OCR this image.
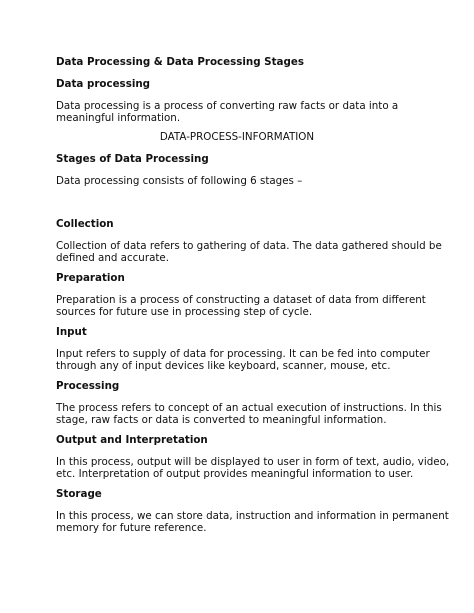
Data Processing & Data Processing Stages

Data processing

Data processing is a process of converting raw facts or data into a

meaningful information.

DATA-PROCESS-INFORMATION

Stages of Data Processing

Data processing consists of following 6 stages –

Collection

Collection of data refers to gathering of data. The data gathered should be

defined and accurate.

Preparation

Preparation is a process of constructing a dataset of data from different

sources for future use in processing step of cycle.

Input

Input refers to supply of data for processing. It can be fed into computer

through any of input devices like keyboard, scanner, mouse, etc.

Processing

The process refers to concept of an actual execution of instructions. In this

stage, raw facts or data is converted to meaningful information.

Output and Interpretation

In this process, output will be displayed to user in form of text, audio, video,

etc. Interpretation of output provides meaningful information to user.

Storage

In this process, we can store data, instruction and information in permanent

memory for future reference.
